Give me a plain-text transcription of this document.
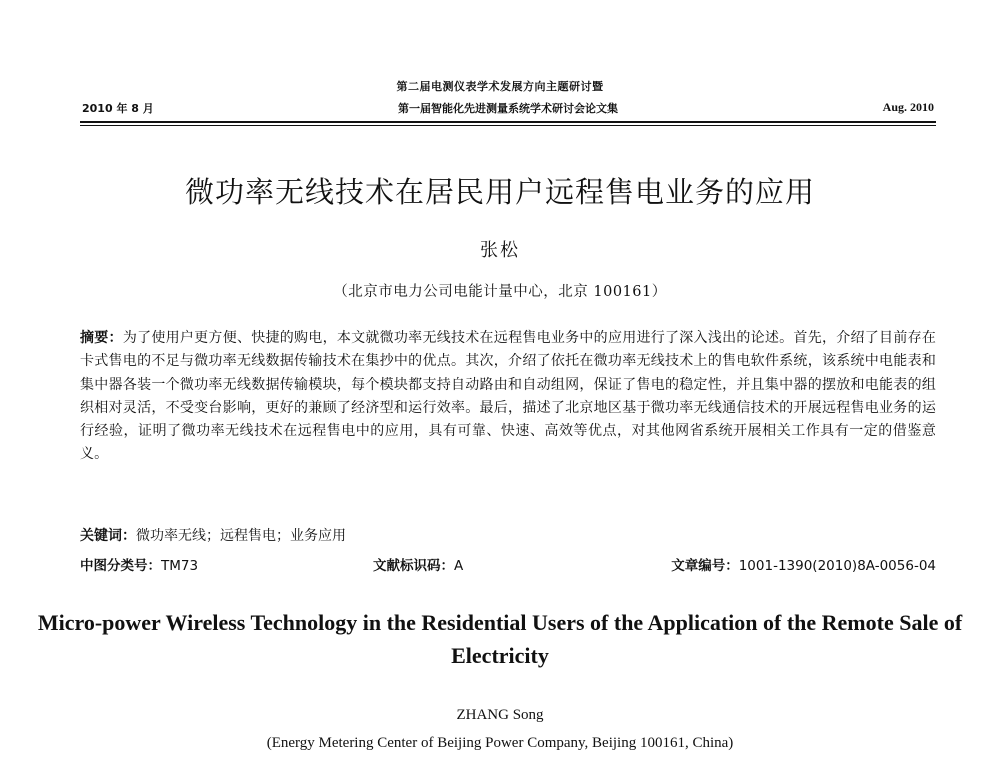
第二届电测仪表学术发展方向主题研讨暨
2010 年 8 月	第一届智能化先进测量系统学术研讨会论文集	Aug. 2010
微功率无线技术在居民用户远程售电业务的应用
张松
（北京市电力公司电能计量中心，北京 100161）
摘要：为了使用户更方便、快捷的购电，本文就微功率无线技术在远程售电业务中的应用进行了深入浅出的论述。首先，介绍了目前存在卡式售电的不足与微功率无线数据传输技术在集抄中的优点。其次，介绍了依托在微功率无线技术上的售电软件系统，该系统中电能表和集中器各装一个微功率无线数据传输模块，每个模块都支持自动路由和自动组网，保证了售电的稳定性，并且集中器的摆放和电能表的组织相对灵活，不受变台影响，更好的兼顾了经济型和运行效率。最后，描述了北京地区基于微功率无线通信技术的开展远程售电业务的运行经验，证明了微功率无线技术在远程售电中的应用，具有可靠、快速、高效等优点，对其他网省系统开展相关工作具有一定的借鉴意义。
关键词：微功率无线；远程售电；业务应用
中图分类号：TM73	文献标识码：A	文章编号：1001-1390(2010)8A-0056-04
Micro-power Wireless Technology in the Residential Users of the Application of the Remote Sale of Electricity
ZHANG Song
(Energy Metering Center of Beijing Power Company, Beijing 100161, China)
